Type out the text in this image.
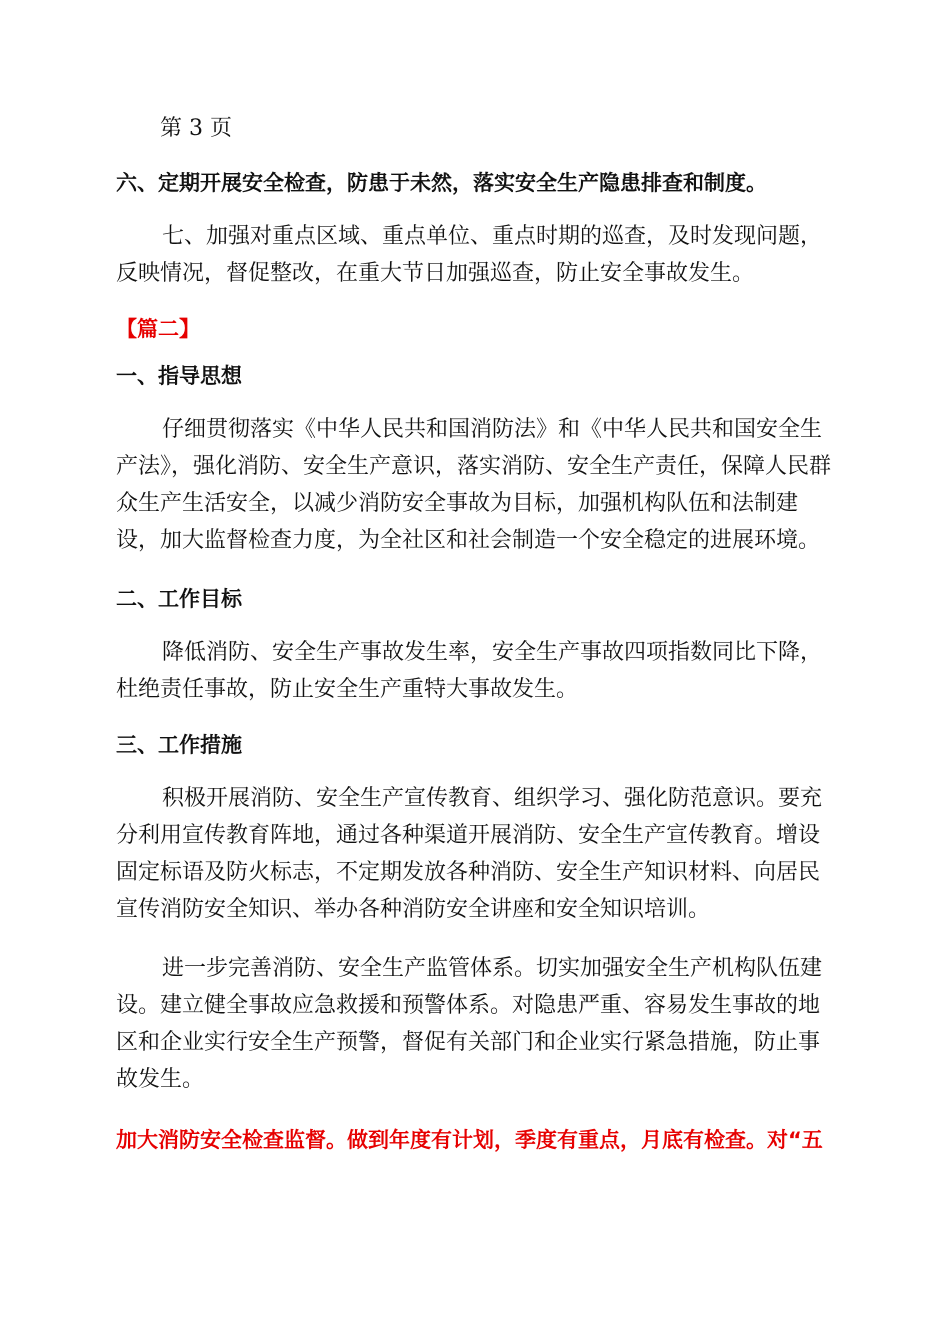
第 3 页

六、定期开展安全检查，防患于未然，落实安全生产隐患排查和制度。

七、加强对重点区域、重点单位、重点时期的巡查，及时发现问题，反映情况，督促整改，在重大节日加强巡查，防止安全事故发生。

【篇二】

一、指导思想

仔细贯彻落实《中华人民共和国消防法》和《中华人民共和国安全生产法》，强化消防、安全生产意识，落实消防、安全生产责任，保障人民群众生产生活安全，以减少消防安全事故为目标，加强机构队伍和法制建设，加大监督检查力度，为全社区和社会制造一个安全稳定的进展环境。

二、工作目标

降低消防、安全生产事故发生率，安全生产事故四项指数同比下降，杜绝责任事故，防止安全生产重特大事故发生。

三、工作措施

积极开展消防、安全生产宣传教育、组织学习、强化防范意识。要充分利用宣传教育阵地，通过各种渠道开展消防、安全生产宣传教育。增设固定标语及防火标志，不定期发放各种消防、安全生产知识材料、向居民宣传消防安全知识、举办各种消防安全讲座和安全知识培训。

进一步完善消防、安全生产监管体系。切实加强安全生产机构队伍建设。建立健全事故应急救援和预警体系。对隐患严重、容易发生事故的地区和企业实行安全生产预警，督促有关部门和企业实行紧急措施，防止事故发生。

加大消防安全检查监督。做到年度有计划，季度有重点，月底有检查。对“五
